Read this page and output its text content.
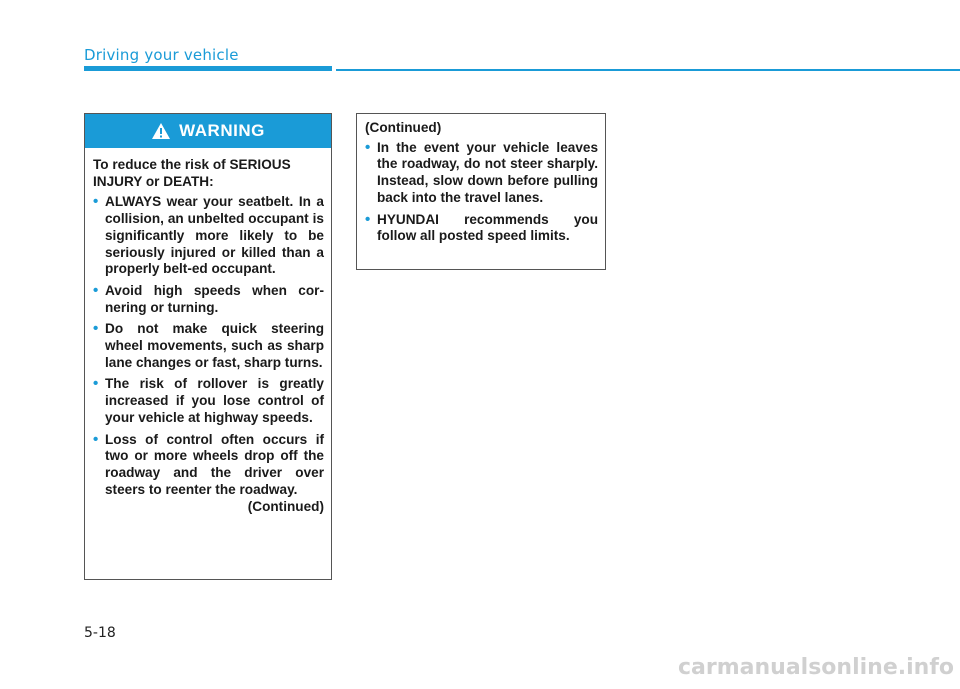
Driving your vehicle
WARNING

To reduce the risk of SERIOUS INJURY or DEATH:

• ALWAYS wear your seatbelt. In a collision, an unbelted occupant is significantly more likely to be seriously injured or killed than a properly belt-ed occupant.
• Avoid high speeds when cor-nering or turning.
• Do not make quick steering wheel movements, such as sharp lane changes or fast, sharp turns.
• The risk of rollover is greatly increased if you lose control of your vehicle at highway speeds.
• Loss of control often occurs if two or more wheels drop off the roadway and the driver over steers to reenter the roadway.
(Continued)
(Continued)
• In the event your vehicle leaves the roadway, do not steer sharply. Instead, slow down before pulling back into the travel lanes.
• HYUNDAI recommends you follow all posted speed limits.
5-18
carmanualsonline.info
